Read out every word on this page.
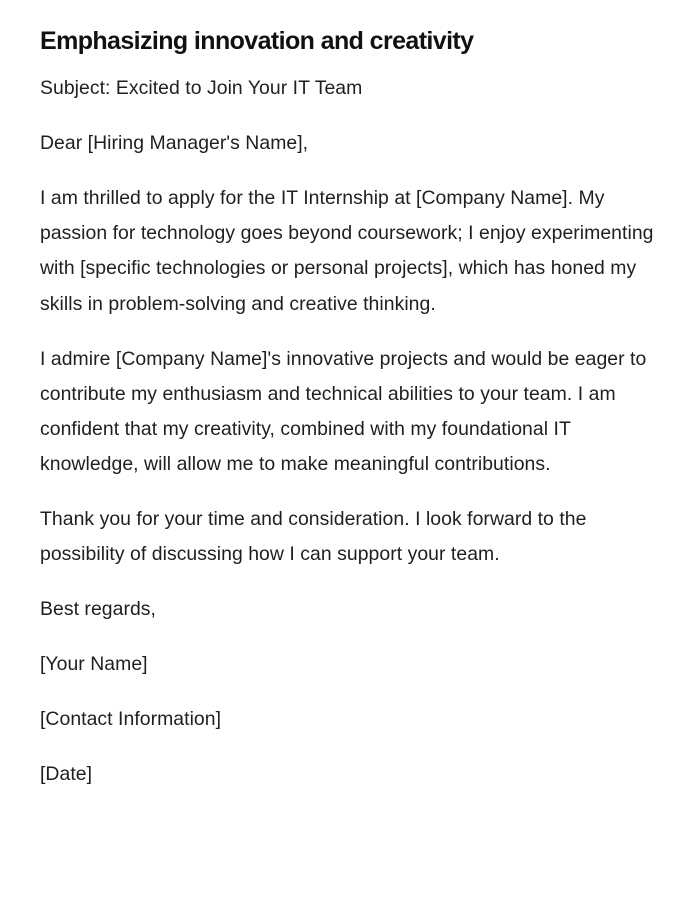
Emphasizing innovation and creativity

Subject: Excited to Join Your IT Team

Dear [Hiring Manager's Name],

I am thrilled to apply for the IT Internship at [Company Name]. My passion for technology goes beyond coursework; I enjoy experimenting with [specific technologies or personal projects], which has honed my skills in problem-solving and creative thinking.

I admire [Company Name]'s innovative projects and would be eager to contribute my enthusiasm and technical abilities to your team. I am confident that my creativity, combined with my foundational IT knowledge, will allow me to make meaningful contributions.

Thank you for your time and consideration. I look forward to the possibility of discussing how I can support your team.

Best regards,

[Your Name]

[Contact Information]

[Date]
